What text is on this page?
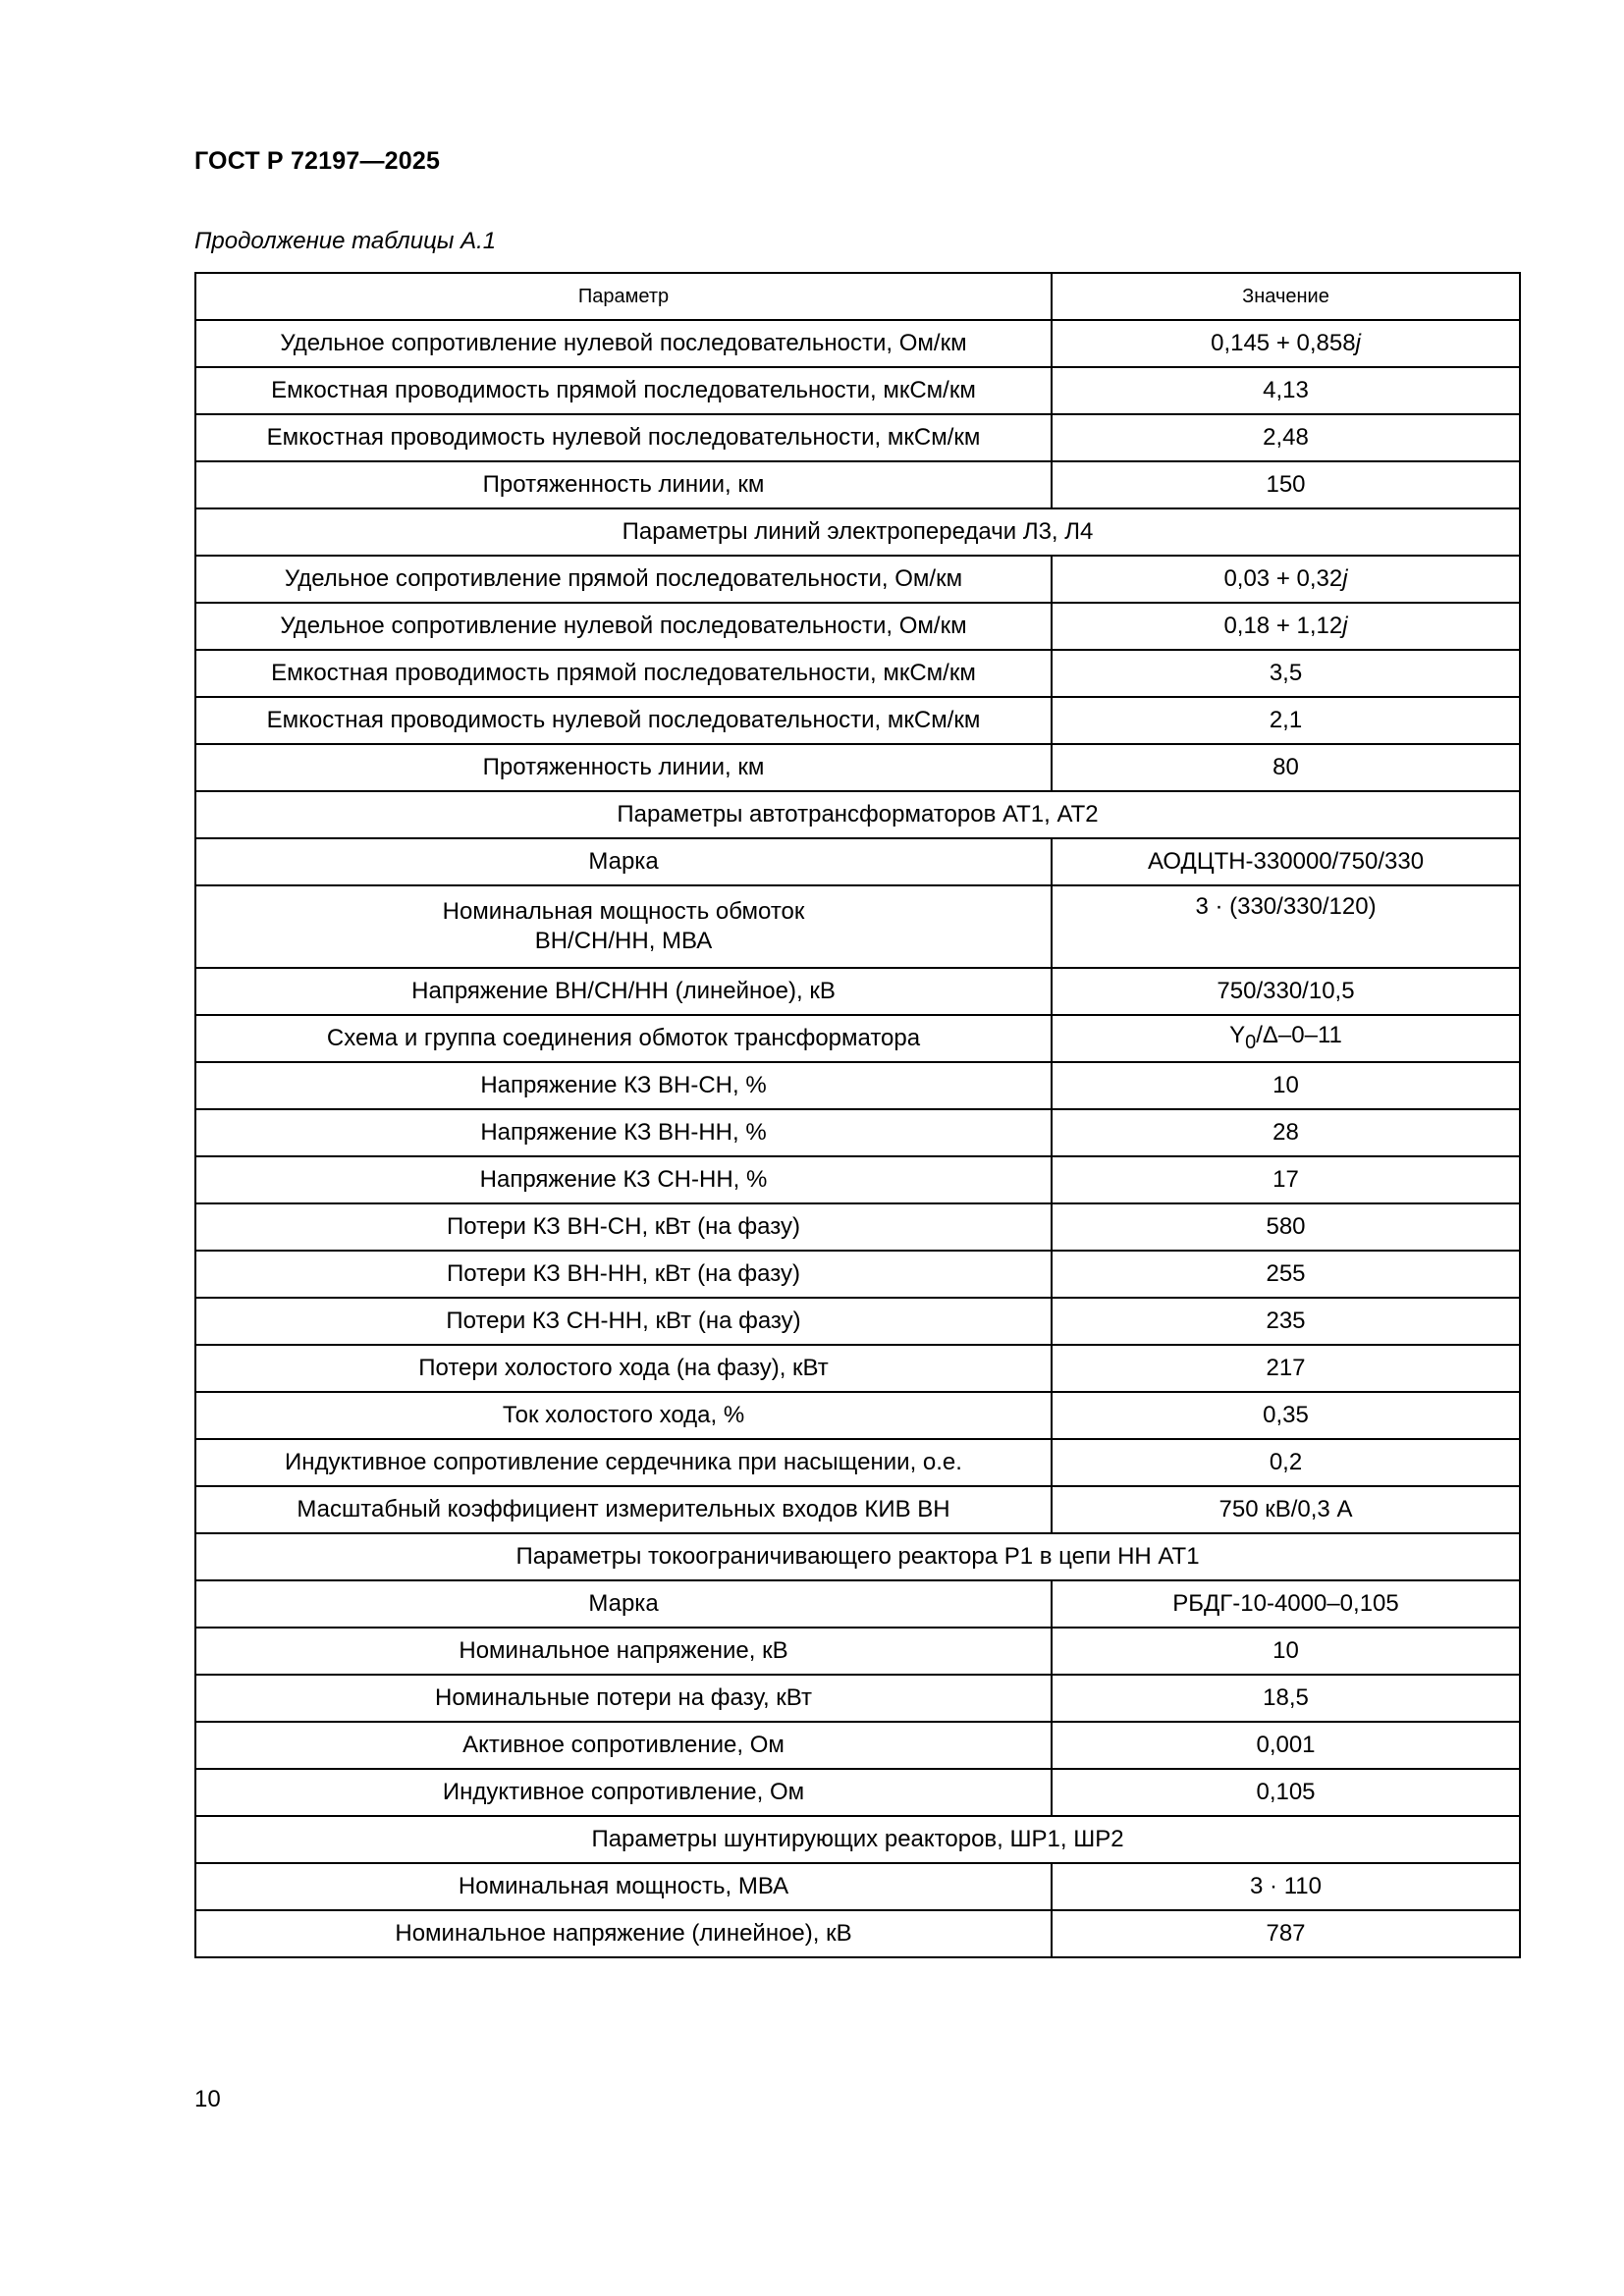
ГОСТ Р 72197—2025
Продолжение таблицы А.1
Параметр	Значение
Удельное сопротивление нулевой последовательности, Ом/км	0,145 + 0,858j
Емкостная проводимость прямой последовательности, мкСм/км	4,13
Емкостная проводимость нулевой последовательности, мкСм/км	2,48
Протяженность линии, км	150
Параметры линий электропередачи Л3, Л4	
Удельное сопротивление прямой последовательности, Ом/км	0,03 + 0,32j
Удельное сопротивление нулевой последовательности, Ом/км	0,18 + 1,12j
Емкостная проводимость прямой последовательности, мкСм/км	3,5
Емкостная проводимость нулевой последовательности, мкСм/км	2,1
Протяженность линии, км	80
Параметры автотрансформаторов АТ1, АТ2	
Марка	АОДЦТН-330000/750/330
Номинальная мощность обмоток
ВН/СН/НН, МВА	3 · (330/330/120)
Напряжение ВН/СН/НН (линейное), кВ	750/330/10,5
Схема и группа соединения обмоток трансформатора	$Y_0/\Delta-0-11$
Напряжение КЗ ВН-СН, %	10
Напряжение КЗ ВН-НН, %	28
Напряжение КЗ СН-НН, %	17
Потери КЗ ВН-СН, кВт (на фазу)	580
Потери КЗ ВН-НН, кВт (на фазу)	255
Потери КЗ СН-НН, кВт (на фазу)	235
Потери холостого хода (на фазу), кВт	217
Ток холостого хода, %	0,35
Индуктивное сопротивление сердечника при насыщении, о.е.	0,2
Масштабный коэффициент измерительных входов КИВ ВН	750 кВ/0,3 А
Параметры токоограничивающего реактора Р1 в цепи НН АТ1	
Марка	РБДГ-10-4000–0,105
Номинальное напряжение, кВ	10
Номинальные потери на фазу, кВт	18,5
Активное сопротивление, Ом	0,001
Индуктивное сопротивление, Ом	0,105
Параметры шунтирующих реакторов, ШР1, ШР2	
Номинальная мощность, МВА	3 · 110
Номинальное напряжение (линейное), кВ	787
10
